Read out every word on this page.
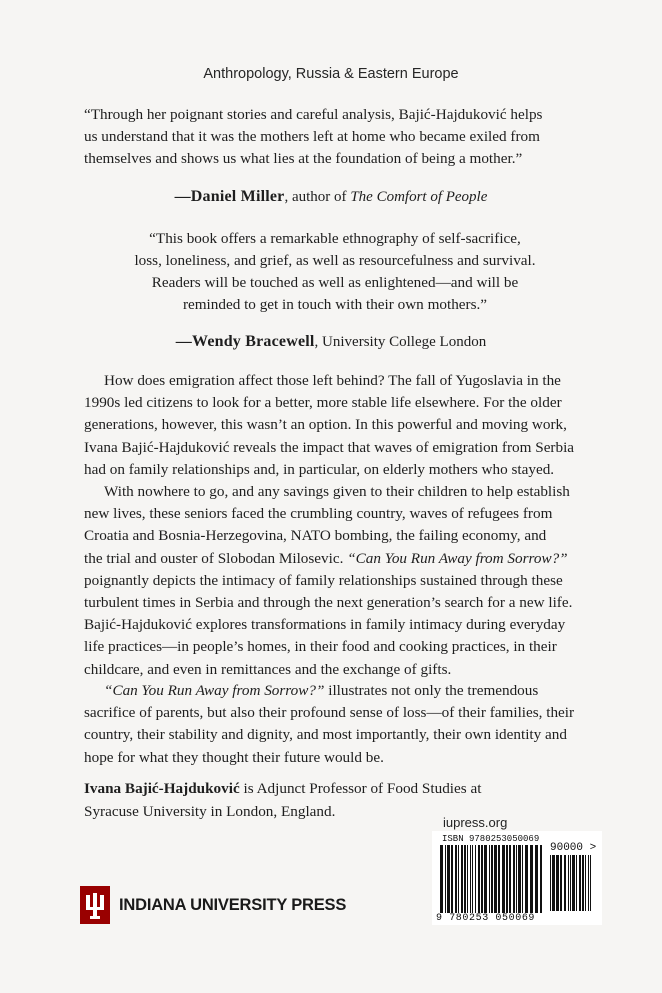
Anthropology, Russia & Eastern Europe
“Through her poignant stories and careful analysis, Bajić-Hajduković helps
us understand that it was the mothers left at home who became exiled from
themselves and shows us what lies at the foundation of being a mother.”
—Daniel Miller, author of The Comfort of People
“This book offers a remarkable ethnography of self-sacrifice,
loss, loneliness, and grief, as well as resourcefulness and survival.
Readers will be touched as well as enlightened—and will be
reminded to get in touch with their own mothers.”
—Wendy Bracewell, University College London
How does emigration affect those left behind? The fall of Yugoslavia in the
1990s led citizens to look for a better, more stable life elsewhere. For the older
generations, however, this wasn’t an option. In this powerful and moving work,
Ivana Bajić-Hajduković reveals the impact that waves of emigration from Serbia
had on family relationships and, in particular, on elderly mothers who stayed.
With nowhere to go, and any savings given to their children to help establish
new lives, these seniors faced the crumbling country, waves of refugees from
Croatia and Bosnia-Herzegovina, NATO bombing, the failing economy, and
the trial and ouster of Slobodan Milosevic. “Can You Run Away from Sorrow?”
poignantly depicts the intimacy of family relationships sustained through these
turbulent times in Serbia and through the next generation’s search for a new life.
Bajić-Hajduković explores transformations in family intimacy during everyday
life practices—in people’s homes, in their food and cooking practices, in their
childcare, and even in remittances and the exchange of gifts.
“Can You Run Away from Sorrow?” illustrates not only the tremendous
sacrifice of parents, but also their profound sense of loss—of their families, their
country, their stability and dignity, and most importantly, their own identity and
hope for what they thought their future would be.
Ivana Bajić-Hajduković is Adjunct Professor of Food Studies at
Syracuse University in London, England.
iupress.org
ISBN 9780253050069
90000 >
9 780253 050069
INDIANA UNIVERSITY PRESS
